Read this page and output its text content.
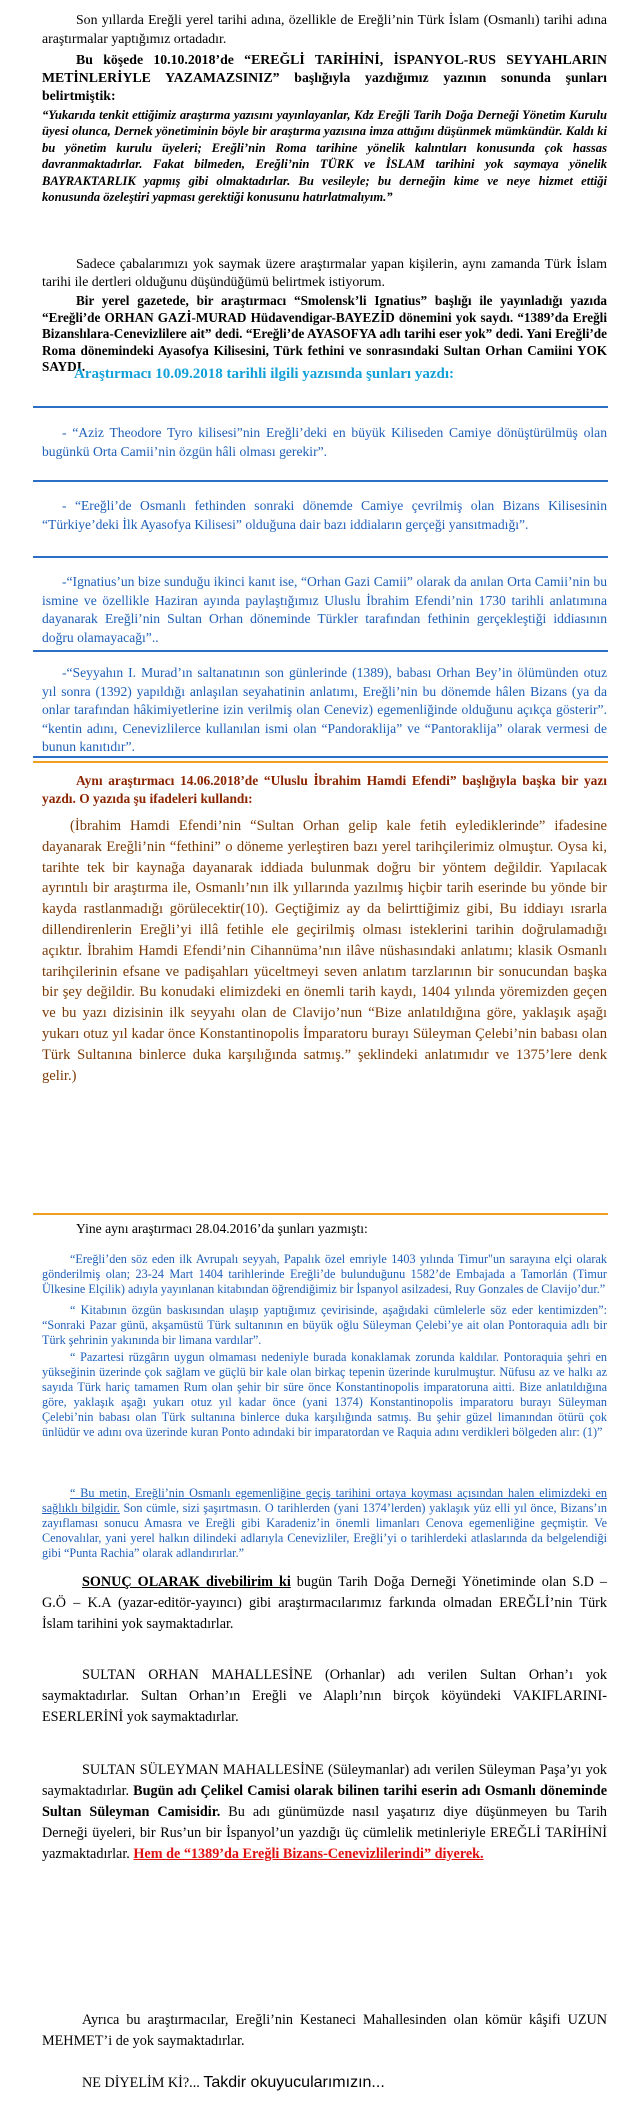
Son yıllarda Ereğli yerel tarihi adına, özellikle de Ereğli’nin Türk İslam (Osmanlı) tarihi adına araştırmalar yaptığımız ortadadır.

Bu köşede 10.10.2018’de “EREĞLİ TARİHİNİ, İSPANYOL-RUS SEYYAHLARIN METİNLERİYLE YAZAMAZSINIZ” başlığıyla yazdığımız yazının sonunda şunları belirtmiştik:

“Yukarıda tenkit ettiğimiz araştırma yazısını yayınlayanlar, Kdz Ereğli Tarih Doğa Derneği Yönetim Kurulu üyesi olunca, Dernek yönetiminin böyle bir araştırma yazısına imza attığını düşünmek mümkündür. Kaldı ki bu yönetim kurulu üyeleri; Ereğli’nin Roma tarihine yönelik kalıntıları konusunda çok hassas davranmaktadırlar. Fakat bilmeden, Ereğli’nin TÜRK ve İSLAM tarihini yok saymaya yönelik BAYRAKTARLIK yapmış gibi olmaktadırlar. Bu vesileyle; bu derneğin kime ve neye hizmet ettiği konusunda özeleştiri yapması gerektiği konusunu hatırlatmalıyım.”

Sadece çabalarımızı yok saymak üzere araştırmalar yapan kişilerin, aynı zamanda Türk İslam tarihi ile dertleri olduğunu düşündüğümü belirtmek istiyorum.

Bir yerel gazetede, bir araştırmacı “Smolensk’li Ignatius” başlığı ile yayınladığı yazıda “Ereğli’de ORHAN GAZİ-MURAD Hüdavendigar-BAYEZİD dönemini yok saydı. “1389’da Ereğli Bizanslılara-Cenevizlilere ait” dedi. “Ereğli’de AYASOFYA adlı tarihi eser yok” dedi. Yani Ereğli’de Roma dönemindeki Ayasofya Kilisesini, Türk fethini ve sonrasındaki Sultan Orhan Camiini YOK SAYDI.

Araştırmacı 10.09.2018 tarihli ilgili yazısında şunları yazdı:

- “Aziz Theodore Tyro kilisesi”nin Ereğli’deki en büyük Kiliseden Camiye dönüştürülmüş olan bugünkü Orta Camii’nin özgün hâli olması gerekir”.

- “Ereğli’de Osmanlı fethinden sonraki dönemde Camiye çevrilmiş olan Bizans Kilisesinin “Türkiye’deki İlk Ayasofya Kilisesi” olduğuna dair bazı iddiaların gerçeği yansıtmadığı”.

-“Ignatius’un bize sunduğu ikinci kanıt ise, “Orhan Gazi Camii” olarak da anılan Orta Camii’nin bu ismine ve özellikle Haziran ayında paylaştığımız Uluslu İbrahim Efendi’nin 1730 tarihli anlatımına dayanarak Ereğli’nin Sultan Orhan döneminde Türkler tarafından fethinin gerçekleştiği iddiasının doğru olamayacağı”..

-“Seyyahın I. Murad’ın saltanatının son günlerinde (1389), babası Orhan Bey’in ölümünden otuz yıl sonra (1392) yapıldığı anlaşılan seyahatinin anlatımı, Ereğli’nin bu dönemde hâlen Bizans (ya da onlar tarafından hâkimiyetlerine izin verilmiş olan Ceneviz) egemenliğinde olduğunu açıkça gösterir”. “kentin adını, Cenevizlilerce kullanılan ismi olan “Pandoraklija” ve “Pantoraklija” olarak vermesi de bunun kanıtıdır”.

Aynı araştırmacı 14.06.2018’de “Uluslu İbrahim Hamdi Efendi” başlığıyla başka bir yazı yazdı. O yazıda şu ifadeleri kullandı:

(İbrahim Hamdi Efendi’nin “Sultan Orhan gelip kale fetih eylediklerinde” ifadesine dayanarak Ereğli’nin “fethini” o döneme yerleştiren bazı yerel tarihçilerimiz olmuştur. Oysa ki, tarihte tek bir kaynağa dayanarak iddiada bulunmak doğru bir yöntem değildir. Yapılacak ayrıntılı bir araştırma ile, Osmanlı’nın ilk yıllarında yazılmış hiçbir tarih eserinde bu yönde bir kayda rastlanmadığı görülecektir(10). Geçtiğimiz ay da belirttiğimiz gibi, Bu iddiayı ısrarla dillendirenlerin Ereğli’yi illâ fetihle ele geçirilmiş olması isteklerini tarihin doğrulamadığı açıktır. İbrahim Hamdi Efendi’nin Cihannüma’nın ilâve nüshasındaki anlatımı; klasik Osmanlı tarihçilerinin efsane ve padişahları yüceltmeyi seven anlatım tarzlarının bir sonucundan başka bir şey değildir. Bu konudaki elimizdeki en önemli tarih kaydı, 1404 yılında yöremizden geçen ve bu yazı dizisinin ilk seyyahı olan de Clavijo’nun “Bize anlatıldığına göre, yaklaşık aşağı yukarı otuz yıl kadar önce Konstantinopolis İmparatoru burayı Süleyman Çelebi’nin babası olan Türk Sultanına binlerce duka karşılığında satmış.” şeklindeki anlatımıdır ve 1375’lere denk gelir.)

Yine aynı araştırmacı 28.04.2016’da şunları yazmıştı:

“Ereğli’den söz eden ilk Avrupalı seyyah, Papalık özel emriyle 1403 yılında Timur"un sarayına elçi olarak gönderilmiş olan; 23-24 Mart 1404 tarihlerinde Ereğli’de bulunduğunu 1582’de Embajada a Tamorlán (Timur Ülkesine Elçilik) adıyla yayınlanan kitabından öğrendiğimiz bir İspanyol asilzadesi, Ruy Gonzales de Clavijo’dur.”

“ Kitabının özgün baskısından ulaşıp yaptığımız çevirisinde, aşağıdaki cümlelerle söz eder kentimizden”: “Sonraki Pazar günü, akşamüstü Türk sultanının en büyük oğlu Süleyman Çelebi’ye ait olan Pontoraquia adlı bir Türk şehrinin yakınında bir limana vardılar”.

“ Pazartesi rüzgârın uygun olmaması nedeniyle burada konaklamak zorunda kaldılar. Pontoraquia şehri en yükseğinin üzerinde çok sağlam ve güçlü bir kale olan birkaç tepenin üzerinde kurulmuştur. Nüfusu az ve halkı az sayıda Türk hariç tamamen Rum olan şehir bir süre önce Konstantinopolis imparatoruna aitti. Bize anlatıldığına göre, yaklaşık aşağı yukarı otuz yıl kadar önce (yani 1374) Konstantinopolis imparatoru burayı Süleyman Çelebi’nin babası olan Türk sultanına binlerce duka karşılığında satmış. Bu şehir güzel limanından ötürü çok ünlüdür ve adını ova üzerinde kuran Ponto adındaki bir imparatordan ve Raquia adını verdikleri bölgeden alır: (1)”

“ Bu metin, Ereğli’nin Osmanlı egemenliğine geçiş tarihini ortaya koyması açısından halen elimizdeki en sağlıklı bilgidir. Son cümle, sizi şaşırtmasın. O tarihlerden (yani 1374’lerden) yaklaşık yüz elli yıl önce, Bizans’ın zayıflaması sonucu Amasra ve Ereğli gibi Karadeniz’in önemli limanları Cenova egemenliğine geçmiştir. Ve Cenovalılar, yani yerel halkın dilindeki adlarıyla Cenevizliler, Ereğli’yi o tarihlerdeki atlaslarında da belgelendiği gibi “Punta Rachia” olarak adlandırırlar.”

SONUÇ OLARAK divebilirim ki bugün Tarih Doğa Derneği Yönetiminde olan S.D – G.Ö – K.A (yazar-editör-yayıncı) gibi araştırmacılarımız farkında olmadan EREĞLİ’nin Türk İslam tarihini yok saymaktadırlar.

SULTAN ORHAN MAHALLESİNE (Orhanlar) adı verilen Sultan Orhan’ı yok saymaktadırlar. Sultan Orhan’ın Ereğli ve Alaplı’nın birçok köyündeki VAKIFLARINI-ESERLERİNİ yok saymaktadırlar.

SULTAN SÜLEYMAN MAHALLESİNE (Süleymanlar) adı verilen Süleyman Paşa’yı yok saymaktadırlar. Bugün adı Çelikel Camisi olarak bilinen tarihi eserin adı Osmanlı döneminde Sultan Süleyman Camisidir. Bu adı günümüzde nasıl yaşatırız diye düşünmeyen bu Tarih Derneği üyeleri, bir Rus’un bir İspanyol’un yazdığı üç cümlelik metinleriyle EREĞLİ TARİHİNİ yazmaktadırlar. Hem de “1389’da Ereğli Bizans-Cenevizlilerindi” diyerek.

Ayrıca bu araştırmacılar, Ereğli’nin Kestaneci Mahallesinden olan kömür kâşifi UZUN MEHMET’i de yok saymaktadırlar.

NE DİYELİM Kİ?... Takdir okuyucularımızın...
